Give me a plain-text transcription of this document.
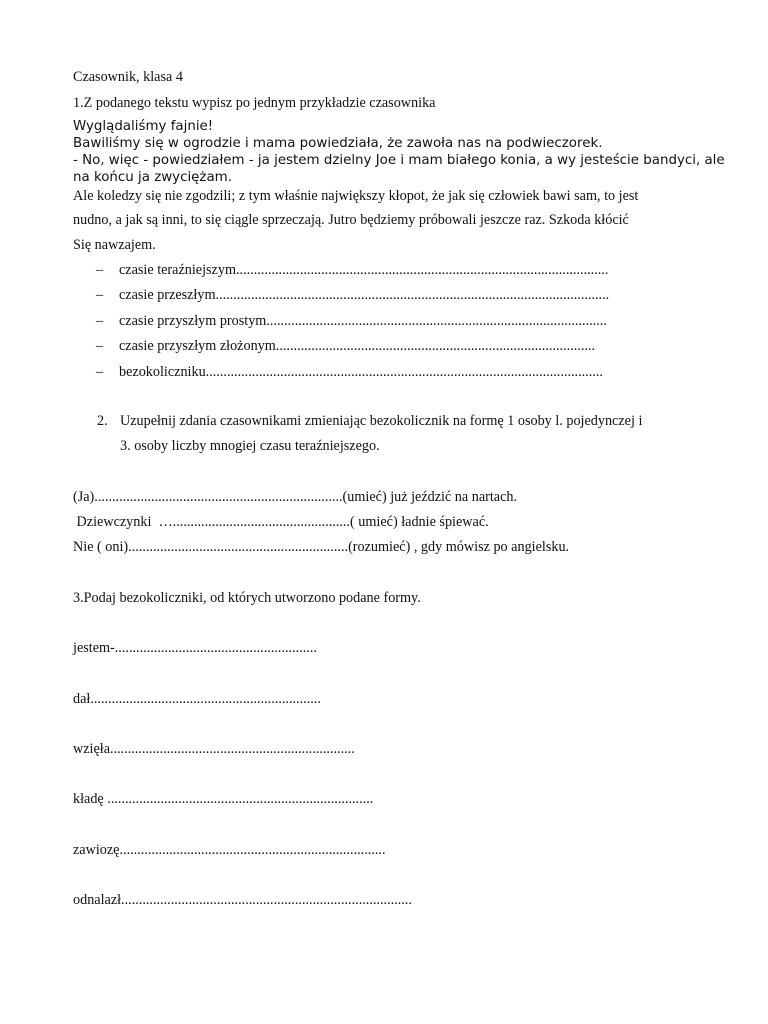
Czasownik, klasa 4
1.Z podanego tekstu wypisz po jednym przykładzie czasownika
Wyglądaliśmy fajnie!
Bawiliśmy się w ogrodzie i mama powiedziała, że zawoła nas na podwieczorek.
- No, więc - powiedziałem - ja jestem dzielny Joe i mam białego konia, a wy jesteście bandyci, ale
na końcu ja zwyciężam.
Ale koledzy się nie zgodzili; z tym właśnie największy kłopot, że jak się człowiek bawi sam, to jest
nudno, a jak są inni, to się ciągle sprzeczają. Jutro będziemy próbowali jeszcze raz. Szkoda kłócić
Się nawzajem.
– czasie teraźniejszym.........................................................................................................
– czasie przeszłym...............................................................................................................
– czasie przyszłym prostym................................................................................................
– czasie przyszłym złożonym..........................................................................................
– bezokoliczniku................................................................................................................
2. Uzupełnij zdania czasownikami zmieniając bezokolicznik na formę 1 osoby l. pojedynczej i
3. osoby liczby mnogiej czasu teraźniejszego.
(Ja)......................................................................(umieć) już jeździć na nartach.
Dziewczynki  …..................................................( umieć) ładnie śpiewać.
Nie ( oni)..............................................................(rozumieć) , gdy mówisz po angielsku.
3.Podaj bezokoliczniki, od których utworzono podane formy.
jestem-.........................................................
dał.................................................................
wzięła.....................................................................
kładę ...........................................................................
zawiozę...........................................................................
odnalazł..................................................................................
